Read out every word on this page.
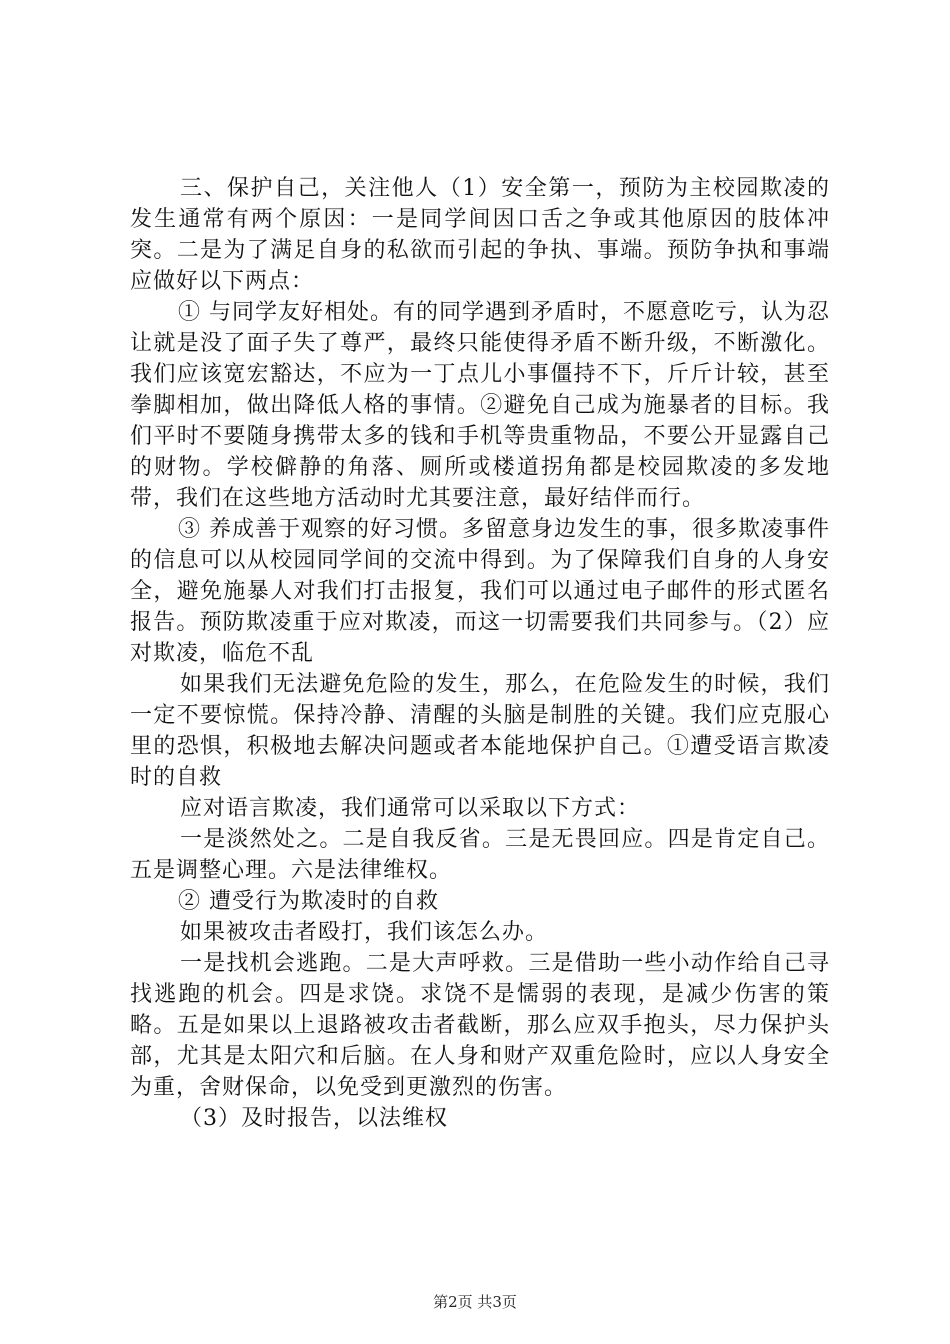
三、保护自己，关注他人（1）安全第一，预防为主校园欺凌的发生通常有两个原因：一是同学间因口舌之争或其他原因的肢体冲突。二是为了满足自身的私欲而引起的争执、事端。预防争执和事端应做好以下两点：

① 与同学友好相处。有的同学遇到矛盾时，不愿意吃亏，认为忍让就是没了面子失了尊严，最终只能使得矛盾不断升级，不断激化。我们应该宽宏豁达，不应为一丁点儿小事僵持不下，斤斤计较，甚至拳脚相加，做出降低人格的事情。②避免自己成为施暴者的目标。我们平时不要随身携带太多的钱和手机等贵重物品，不要公开显露自己的财物。学校僻静的角落、厕所或楼道拐角都是校园欺凌的多发地带，我们在这些地方活动时尤其要注意，最好结伴而行。

③ 养成善于观察的好习惯。多留意身边发生的事，很多欺凌事件的信息可以从校园同学间的交流中得到。为了保障我们自身的人身安全，避免施暴人对我们打击报复，我们可以通过电子邮件的形式匿名报告。预防欺凌重于应对欺凌，而这一切需要我们共同参与。（2）应对欺凌，临危不乱

如果我们无法避免危险的发生，那么，在危险发生的时候，我们一定不要惊慌。保持冷静、清醒的头脑是制胜的关键。我们应克服心里的恐惧，积极地去解决问题或者本能地保护自己。①遭受语言欺凌时的自救

应对语言欺凌，我们通常可以采取以下方式：

一是淡然处之。二是自我反省。三是无畏回应。四是肯定自己。五是调整心理。六是法律维权。

② 遭受行为欺凌时的自救

如果被攻击者殴打，我们该怎么办。

一是找机会逃跑。二是大声呼救。三是借助一些小动作给自己寻找逃跑的机会。四是求饶。求饶不是懦弱的表现，是减少伤害的策略。五是如果以上退路被攻击者截断，那么应双手抱头，尽力保护头部，尤其是太阳穴和后脑。在人身和财产双重危险时，应以人身安全为重，舍财保命，以免受到更激烈的伤害。

（3）及时报告，以法维权

第2页 共3页
